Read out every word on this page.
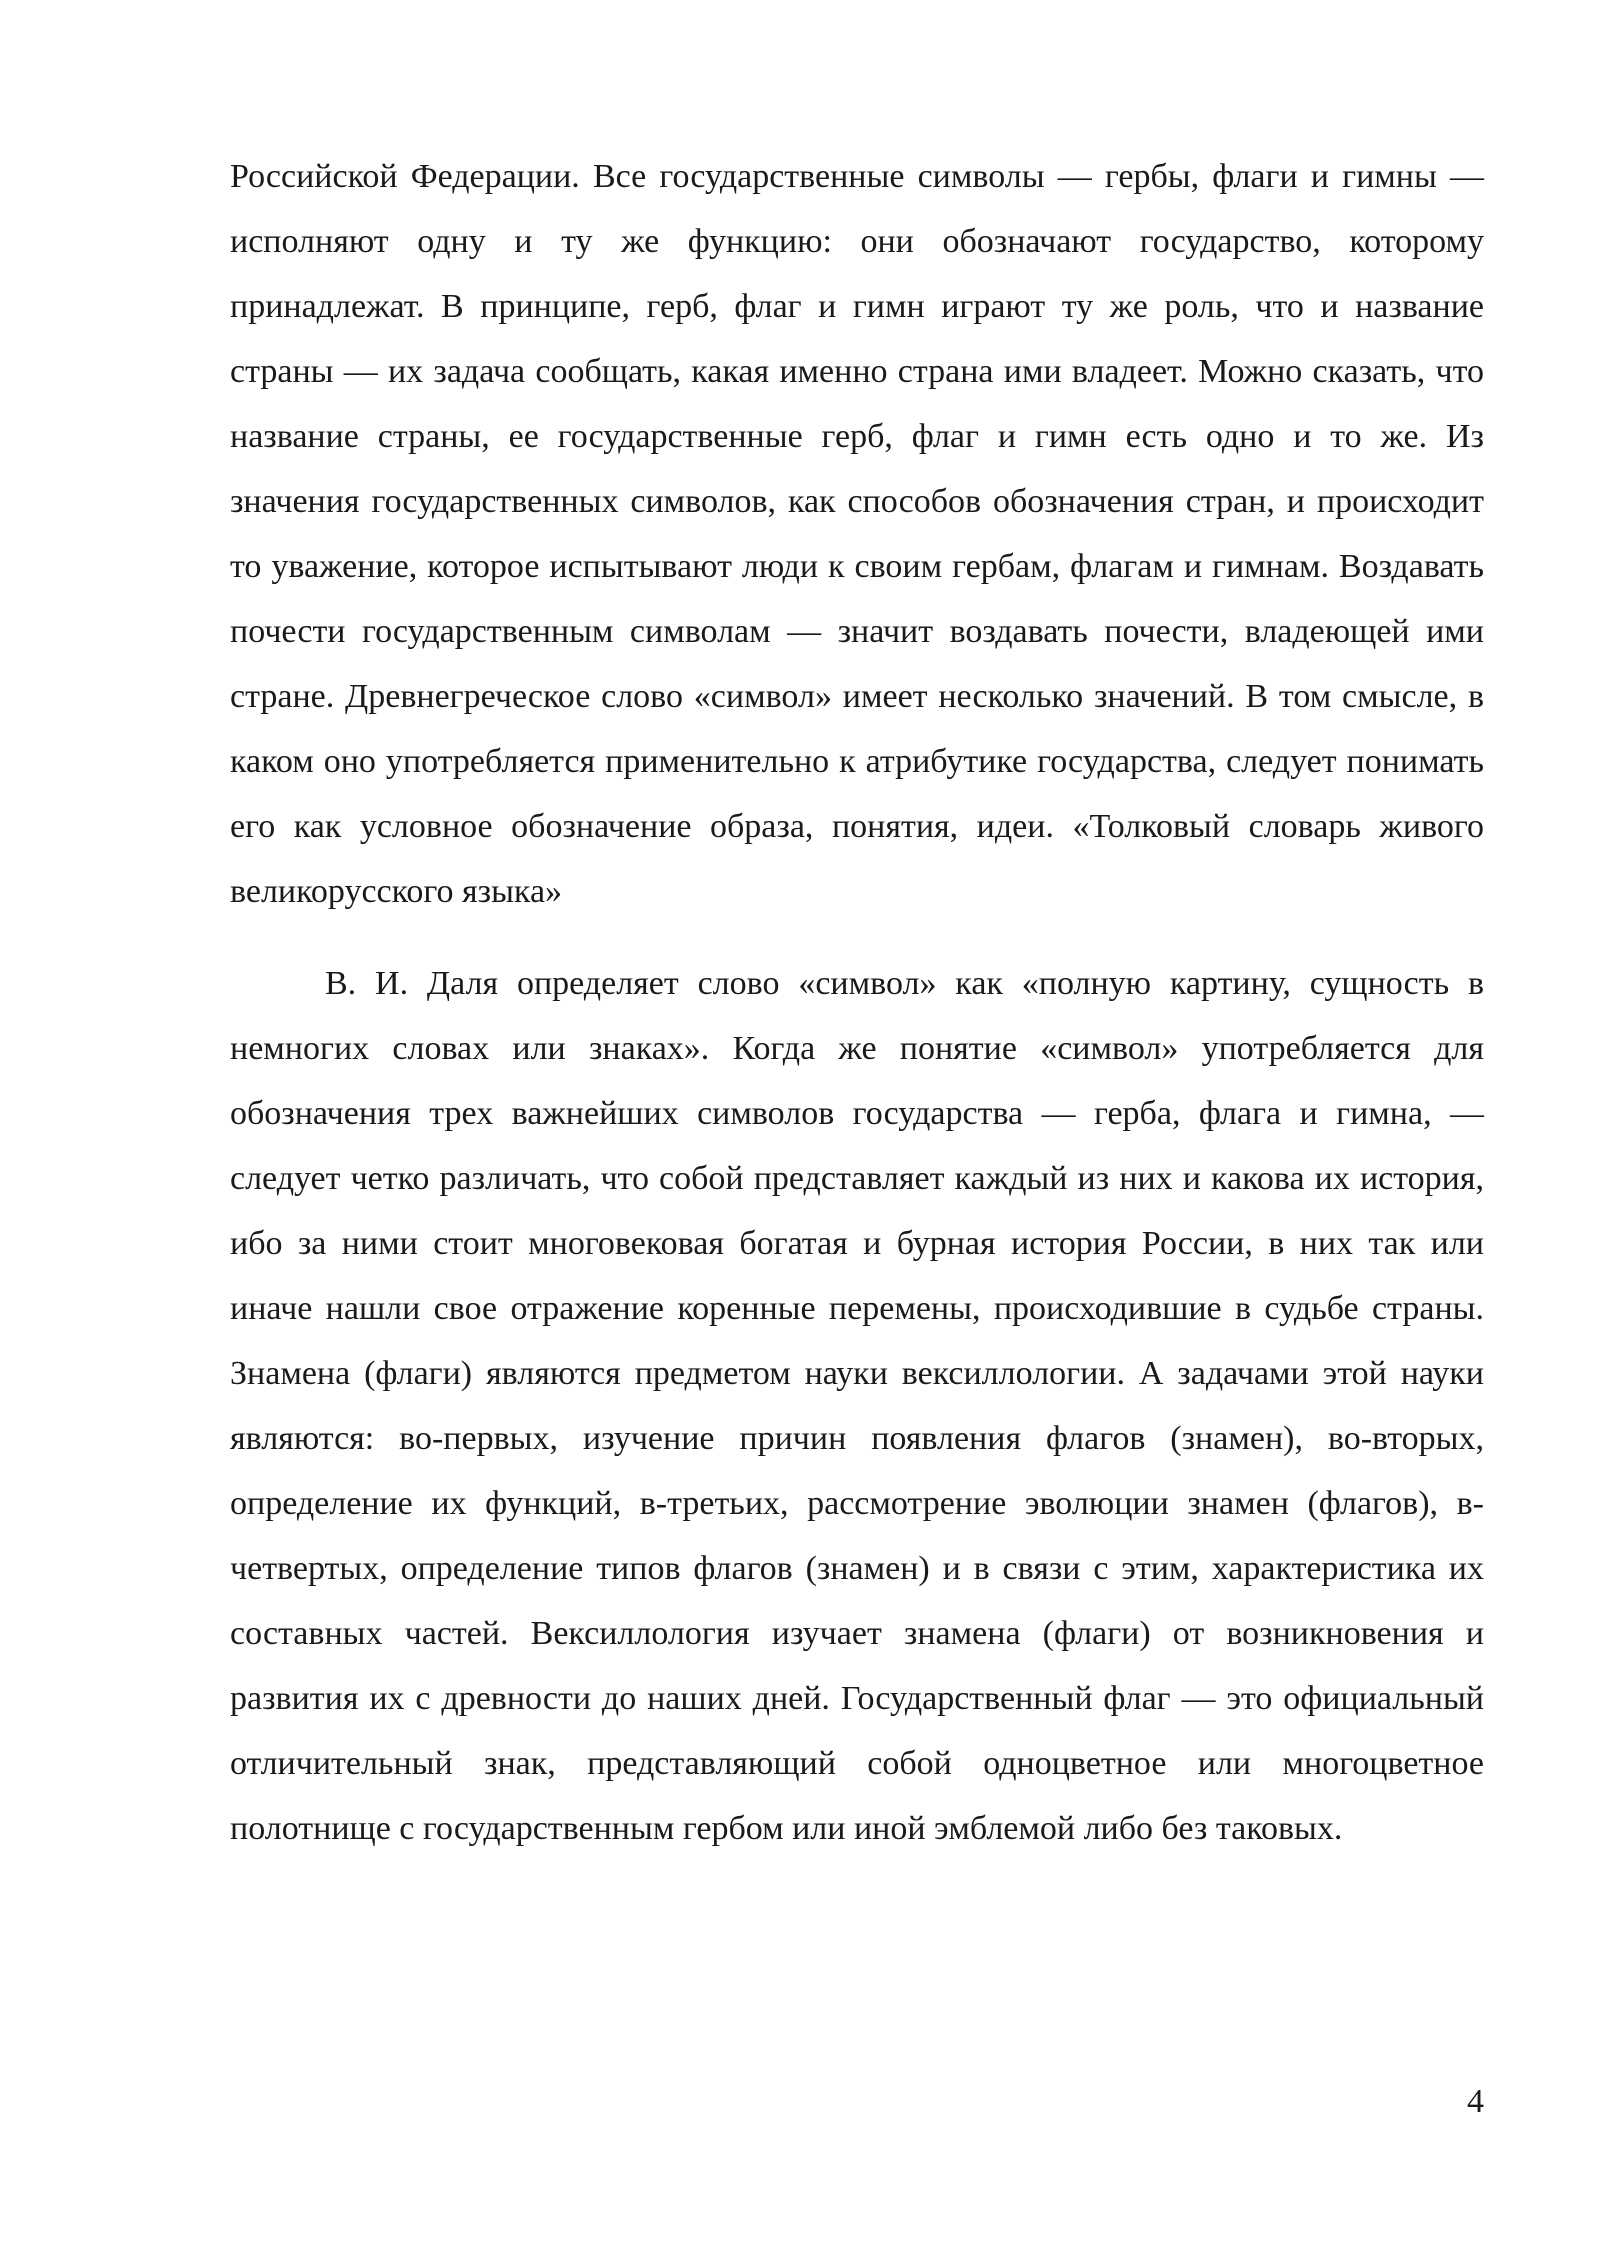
Российской Федерации. Все государственные символы — гербы, флаги и гимны — исполняют одну и ту же функцию: они обозначают государство, которому принадлежат. В принципе, герб, флаг и гимн играют ту же роль, что и название страны — их задача сообщать, какая именно страна ими владеет. Можно сказать, что название страны, ее государственные герб, флаг и гимн есть одно и то же. Из значения государственных символов, как способов обозначения стран, и происходит то уважение, которое испытывают люди к своим гербам, флагам и гимнам. Воздавать почести государственным символам — значит воздавать почести, владеющей ими стране. Древнегреческое слово «символ» имеет несколько значений. В том смысле, в каком оно употребляется применительно к атрибутике государства, следует понимать его как условное обозначение образа, понятия, идеи. «Толковый словарь живого великорусского языка»

В. И. Даля определяет слово «символ» как «полную картину, сущность в немногих словах или знаках». Когда же понятие «символ» употребляется для обозначения трех важнейших символов государства — герба, флага и гимна, — следует четко различать, что собой представляет каждый из них и какова их история, ибо за ними стоит многовековая богатая и бурная история России, в них так или иначе нашли свое отражение коренные перемены, происходившие в судьбе страны. Знамена (флаги) являются предметом науки вексиллологии. А задачами этой науки являются: во-первых, изучение причин появления флагов (знамен), во-вторых, определение их функций, в-третьих, рассмотрение эволюции знамен (флагов), в-четвертых, определение типов флагов (знамен) и в связи с этим, характеристика их составных частей. Вексиллология изучает знамена (флаги) от возникновения и развития их с древности до наших дней. Государственный флаг — это официальный отличительный знак, представляющий собой одноцветное или многоцветное полотнище с государственным гербом или иной эмблемой либо без таковых.

4
